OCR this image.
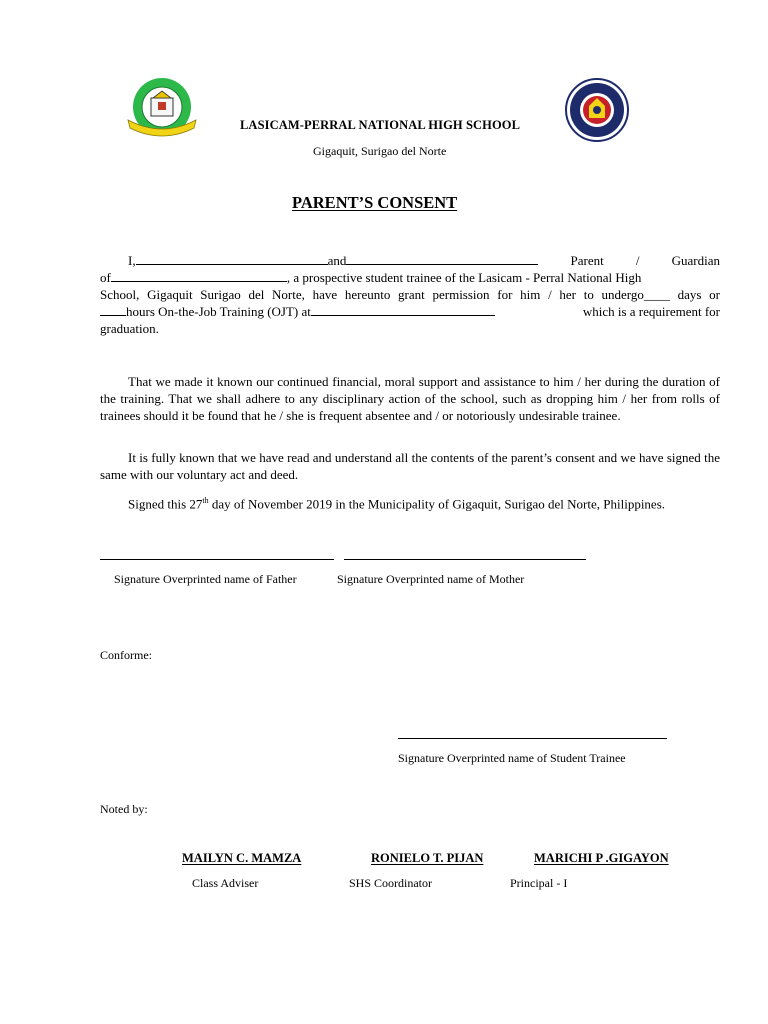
LASICAM-PERRAL NATIONAL HIGH SCHOOL
Gigaquit, Surigao del Norte
PARENT’S CONSENT
I,	and	Parent / Guardian
of	, a prospective student trainee of the Lasicam - Perral National High
School, Gigaquit Surigao del Norte, have hereunto grant permission for him / her to undergo____ days or
hours On-the-Job Training (OJT) at	which is a requirement for
graduation.

That we made it known our continued financial, moral support and assistance to him / her during the duration of the training. That we shall adhere to any disciplinary action of the school, such as dropping him / her from rolls of trainees should it be found that he / she is frequent absentee and / or notoriously undesirable trainee.

It is fully known that we have read and understand all the contents of the parent’s consent and we have signed the same with our voluntary act and deed.

Signed this 27th day of November 2019 in the Municipality of Gigaquit, Surigao del Norte, Philippines.

Signature Overprinted name of Father	Signature Overprinted name of Mother
Conforme:
Signature Overprinted name of Student Trainee
Noted by:
MAILYN C. MAMZA	RONIELO T. PIJAN	MARICHI P .GIGAYON
Class Adviser	SHS Coordinator	Principal - I
